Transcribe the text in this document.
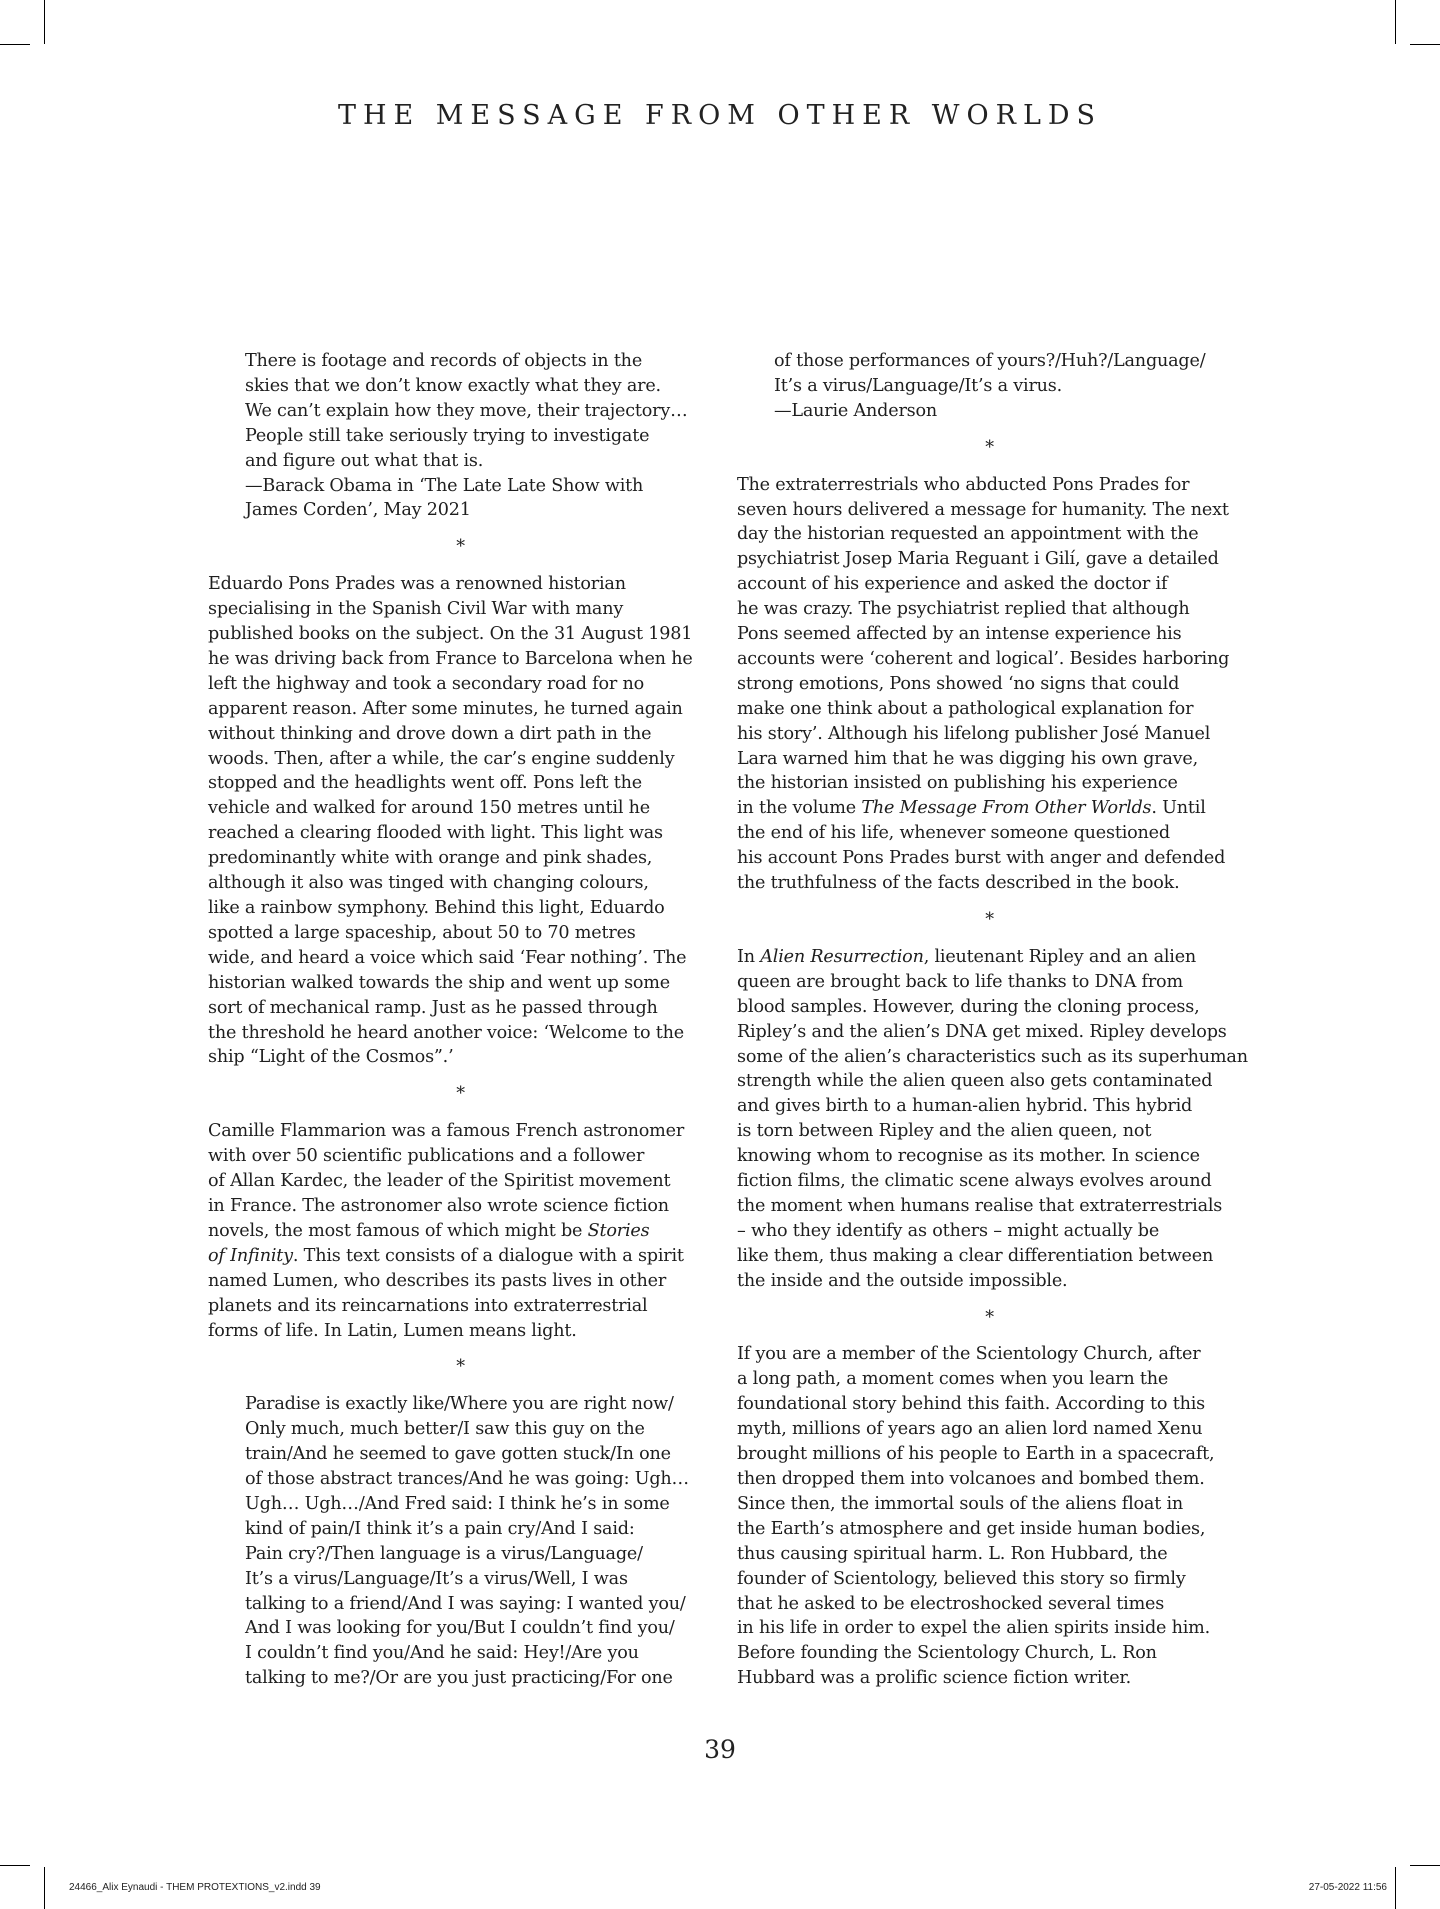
THE MESSAGE FROM OTHER WORLDS
There is footage and records of objects in the
skies that we don’t know exactly what they are.
We can’t explain how they move, their trajectory…
People still take seriously trying to investigate
and figure out what that is.
—Barack Obama in ‘The Late Late Show with
James Corden’, May 2021
*
Eduardo Pons Prades was a renowned historian
specialising in the Spanish Civil War with many
published books on the subject. On the 31 August 1981
he was driving back from France to Barcelona when he
left the highway and took a secondary road for no
apparent reason. After some minutes, he turned again
without thinking and drove down a dirt path in the
woods. Then, after a while, the car’s engine suddenly
stopped and the headlights went off. Pons left the
vehicle and walked for around 150 metres until he
reached a clearing flooded with light. This light was
predominantly white with orange and pink shades,
although it also was tinged with changing colours,
like a rainbow symphony. Behind this light, Eduardo
spotted a large spaceship, about 50 to 70 metres
wide, and heard a voice which said ‘Fear nothing’. The
historian walked towards the ship and went up some
sort of mechanical ramp. Just as he passed through
the threshold he heard another voice: ‘Welcome to the
ship “Light of the Cosmos”.’
*
Camille Flammarion was a famous French astronomer
with over 50 scientific publications and a follower
of Allan Kardec, the leader of the Spiritist movement
in France. The astronomer also wrote science fiction
novels, the most famous of which might be Stories
of Infinity. This text consists of a dialogue with a spirit
named Lumen, who describes its pasts lives in other
planets and its reincarnations into extraterrestrial
forms of life. In Latin, Lumen means light.
*
Paradise is exactly like/Where you are right now/
Only much, much better/I saw this guy on the
train/And he seemed to gave gotten stuck/In one
of those abstract trances/And he was going: Ugh…
Ugh… Ugh…/And Fred said: I think he’s in some
kind of pain/I think it’s a pain cry/And I said:
Pain cry?/Then language is a virus/Language/
It’s a virus/Language/It’s a virus/Well, I was
talking to a friend/And I was saying: I wanted you/
And I was looking for you/But I couldn’t find you/
I couldn’t find you/And he said: Hey!/Are you
talking to me?/Or are you just practicing/For one
of those performances of yours?/Huh?/Language/
It’s a virus/Language/It’s a virus.
—Laurie Anderson
*
The extraterrestrials who abducted Pons Prades for
seven hours delivered a message for humanity. The next
day the historian requested an appointment with the
psychiatrist Josep Maria Reguant i Gilí, gave a detailed
account of his experience and asked the doctor if
he was crazy. The psychiatrist replied that although
Pons seemed affected by an intense experience his
accounts were ‘coherent and logical’. Besides harboring
strong emotions, Pons showed ‘no signs that could
make one think about a pathological explanation for
his story’. Although his lifelong publisher José Manuel
Lara warned him that he was digging his own grave,
the historian insisted on publishing his experience
in the volume The Message From Other Worlds. Until
the end of his life, whenever someone questioned
his account Pons Prades burst with anger and defended
the truthfulness of the facts described in the book.
*
In Alien Resurrection, lieutenant Ripley and an alien
queen are brought back to life thanks to DNA from
blood samples. However, during the cloning process,
Ripley’s and the alien’s DNA get mixed. Ripley develops
some of the alien’s characteristics such as its superhuman
strength while the alien queen also gets contaminated
and gives birth to a human-alien hybrid. This hybrid
is torn between Ripley and the alien queen, not
knowing whom to recognise as its mother. In science
fiction films, the climatic scene always evolves around
the moment when humans realise that extraterrestrials
– who they identify as others – might actually be
like them, thus making a clear differentiation between
the inside and the outside impossible.
*
If you are a member of the Scientology Church, after
a long path, a moment comes when you learn the
foundational story behind this faith. According to this
myth, millions of years ago an alien lord named Xenu
brought millions of his people to Earth in a spacecraft,
then dropped them into volcanoes and bombed them.
Since then, the immortal souls of the aliens float in
the Earth’s atmosphere and get inside human bodies,
thus causing spiritual harm. L. Ron Hubbard, the
founder of Scientology, believed this story so firmly
that he asked to be electroshocked several times
in his life in order to expel the alien spirits inside him.
Before founding the Scientology Church, L. Ron
Hubbard was a prolific science fiction writer.
39
24466_Alix Eynaudi - THEM PROTEXTIONS_v2.indd 39	27-05-2022 11:56
